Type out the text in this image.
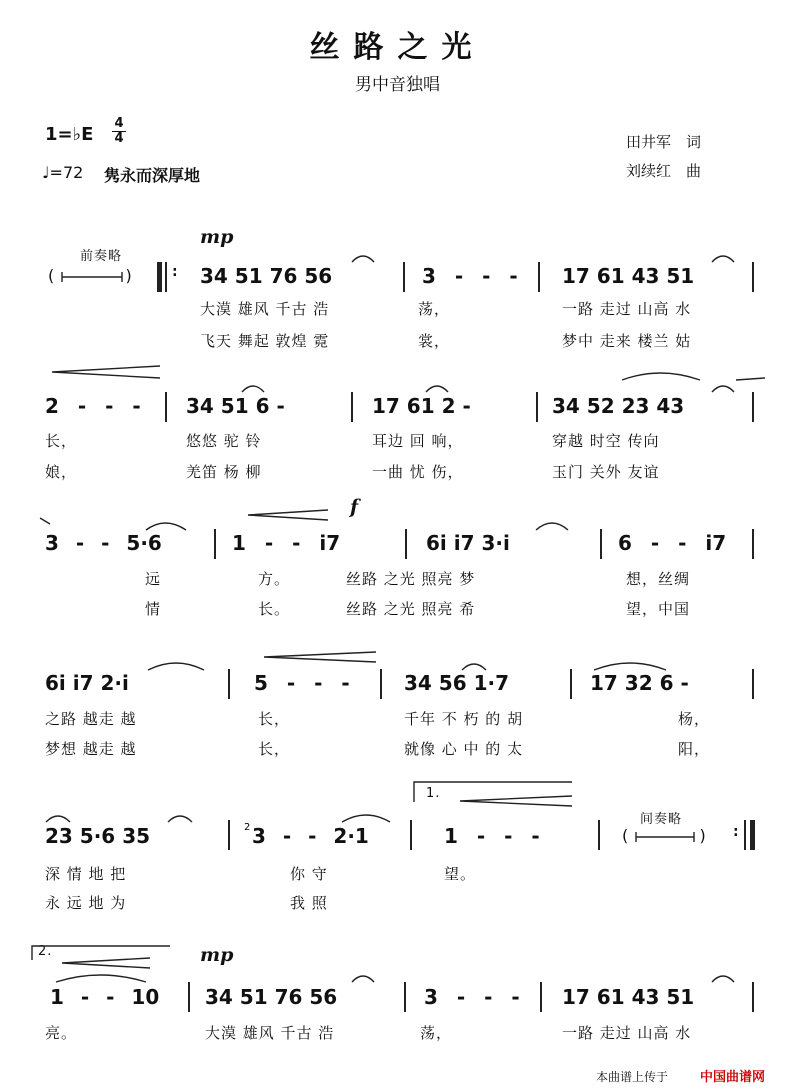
丝路之光
男中音独唱
1=♭E
4
4
♩=72 隽永而深厚地
田井军　词
刘续红　曲
mp
前奏略
(              )	: 34 51 76 56	3 - - - 17 61 43 51
大漠 雄风 千古 浩	荡，	一路 走过 山高 水
飞天 舞起 敦煌 霓	裳，	梦中 走来 楼兰 姑
2 - - - 34 51 6 -	17 61 2 -	34 52 23 43
长，	悠悠 驼 铃	耳边 回 响，	穿越 时空 传向
娘，	羌笛 杨 柳	一曲 忧 伤，	玉门 关外 友谊
f
3 - - 5·6	1 - - i7	6i i7 3·i	6 - - i7
远	方。	丝路 之光 照亮 梦	想，丝绸
情	长。	丝路 之光 照亮 希	望，中国
6i i7 2·i	5 - - -	34 56 1·7	17 32 6 -
之路 越走 越	长，	千年 不 朽 的 胡	杨，
梦想 越走 越	长，	就像 心 中 的 太	阳，
1.
23 5·6 35	3 - - 2·1	1 - - -
间奏略
(              ) :
深 情 地 把	你 守	望。
永 远 地 为	我 照
2.	mp
1 - - 10 34 51 76 56	3 - - - 17 61 43 51
亮。	大漠 雄风 千古 浩	荡，	一路 走过 山高 水
2
本曲谱上传于 中国曲谱网
